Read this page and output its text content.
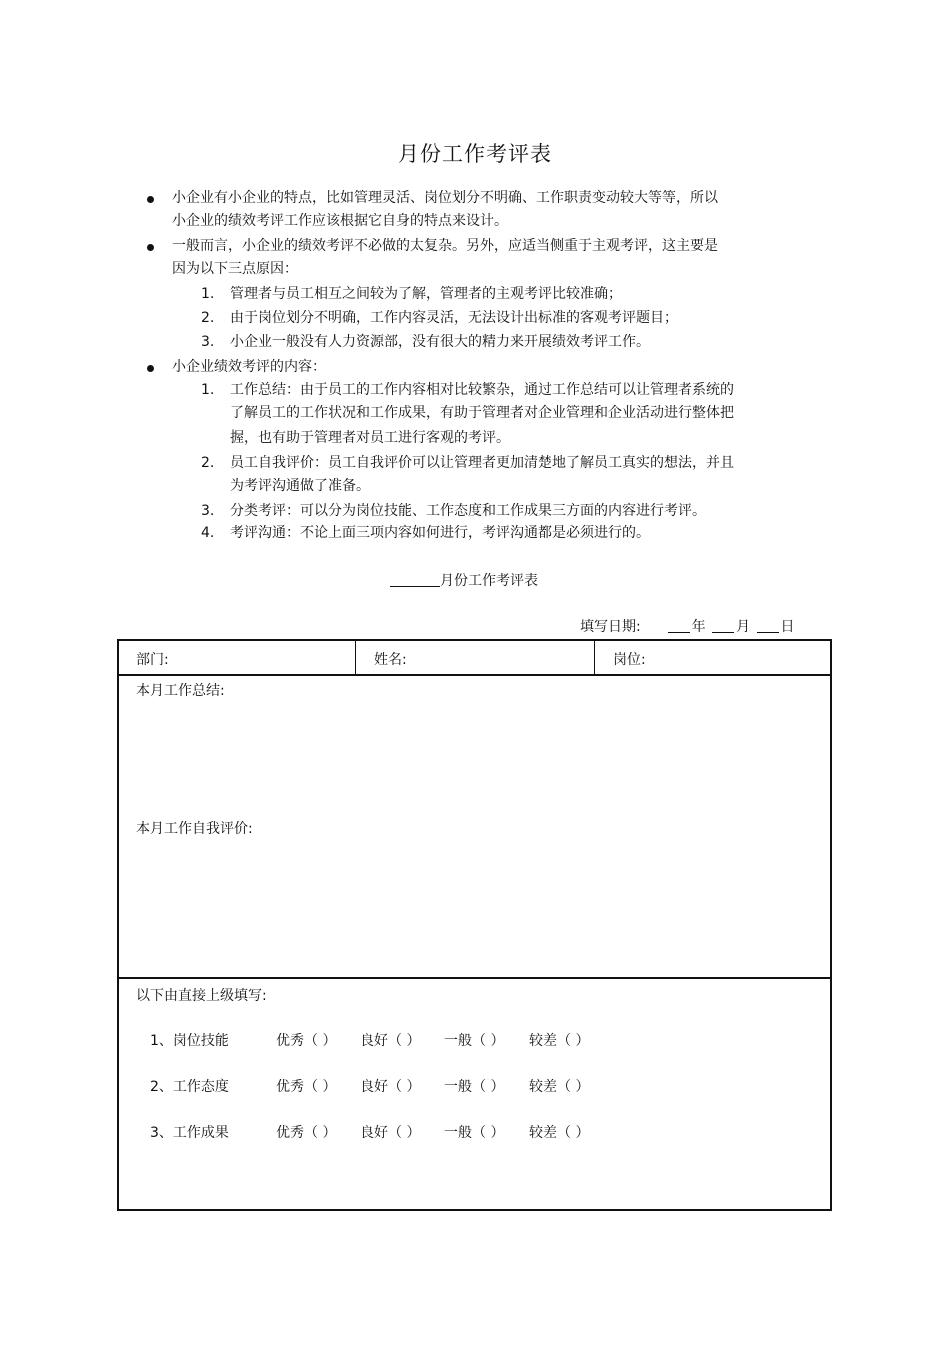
月份工作考评表
小企业有小企业的特点，比如管理灵活、岗位划分不明确、工作职责变动较大等等，所以
小企业的绩效考评工作应该根据它自身的特点来设计。
一般而言，小企业的绩效考评不必做的太复杂。另外，应适当侧重于主观考评，这主要是
因为以下三点原因：
1. 管理者与员工相互之间较为了解，管理者的主观考评比较准确；
2. 由于岗位划分不明确，工作内容灵活，无法设计出标准的客观考评题目；
3. 小企业一般没有人力资源部，没有很大的精力来开展绩效考评工作。
小企业绩效考评的内容：
1. 工作总结：由于员工的工作内容相对比较繁杂，通过工作总结可以让管理者系统的
了解员工的工作状况和工作成果，有助于管理者对企业管理和企业活动进行整体把
握，也有助于管理者对员工进行客观的考评。
2. 员工自我评价：员工自我评价可以让管理者更加清楚地了解员工真实的想法，并且
为考评沟通做了准备。
3. 分类考评：可以分为岗位技能、工作态度和工作成果三方面的内容进行考评。
4. 考评沟通：不论上面三项内容如何进行，考评沟通都是必须进行的。
月份工作考评表
填写日期:	年 月 日
部门:	姓名:	岗位:
本月工作总结:
本月工作自我评价:
以下由直接上级填写:
1、岗位技能	优秀（ ） 良好（ ） 一般（ ） 较差（ ）
2、工作态度	优秀（ ） 良好（ ） 一般（ ） 较差（ ）
3、工作成果	优秀（ ） 良好（ ） 一般（ ） 较差（ ）
